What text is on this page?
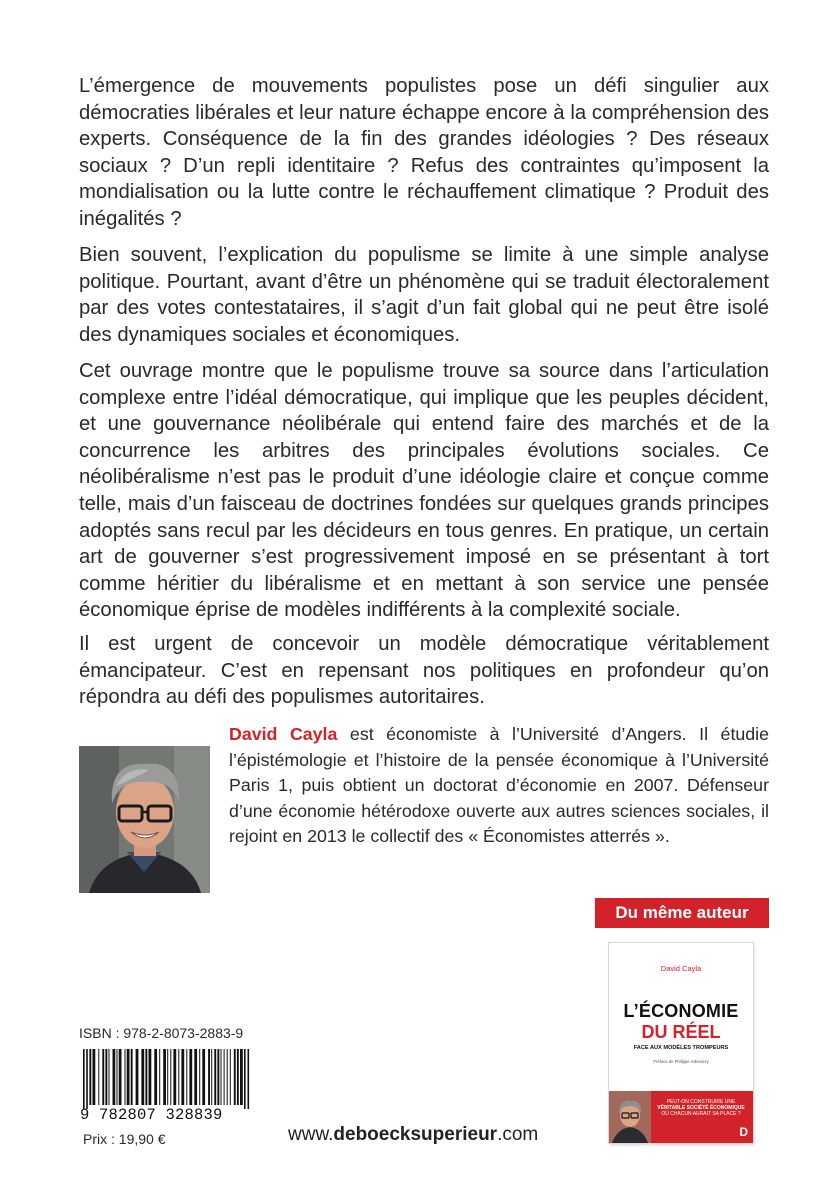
L’émergence de mouvements populistes pose un défi singulier aux démocraties libérales et leur nature échappe encore à la compréhension des experts. Conséquence de la fin des grandes idéologies ? Des réseaux sociaux ? D’un repli identitaire ? Refus des contraintes qu’imposent la mondialisation ou la lutte contre le réchauffement climatique ? Produit des inégalités ?

Bien souvent, l’explication du populisme se limite à une simple analyse politique. Pourtant, avant d’être un phénomène qui se traduit électoralement par des votes contestataires, il s’agit d’un fait global qui ne peut être isolé des dynamiques sociales et économiques.

Cet ouvrage montre que le populisme trouve sa source dans l’articulation complexe entre l’idéal démocratique, qui implique que les peuples décident, et une gouvernance néolibérale qui entend faire des marchés et de la concurrence les arbitres des principales évolutions sociales. Ce néolibéralisme n’est pas le produit d’une idéologie claire et conçue comme telle, mais d’un faisceau de doctrines fondées sur quelques grands principes adoptés sans recul par les décideurs en tous genres. En pratique, un certain art de gouverner s’est progressivement imposé en se présentant à tort comme héritier du libéralisme et en mettant à son service une pensée économique éprise de modèles indifférents à la complexité sociale.

Il est urgent de concevoir un modèle démocratique véritablement émancipateur. C’est en repensant nos politiques en profondeur qu’on répondra au défi des populismes autoritaires.

David Cayla est économiste à l’Université d’Angers. Il étudie l’épistémologie et l’histoire de la pensée économique à l’Université Paris 1, puis obtient un doctorat d’économie en 2007. Défenseur d’une économie hétérodoxe ouverte aux autres sciences sociales, il rejoint en 2013 le collectif des « Économistes atterrés ».

Du même auteur
David Cayla
L’ÉCONOMIE
DU RÉEL
FACE AUX MODÈLES TROMPEURS
Préface de Philippe Askenazy
PEUT-ON CONSTRUIRE UNE
VÉRITABLE SOCIÉTÉ ÉCONOMIQUE
OÙ CHACUN AURAIT SA PLACE ?
D
ISBN : 978-2-8073-2883-9
9 782807 328839
Prix : 19,90 €	www.deboecksuperieur.com
